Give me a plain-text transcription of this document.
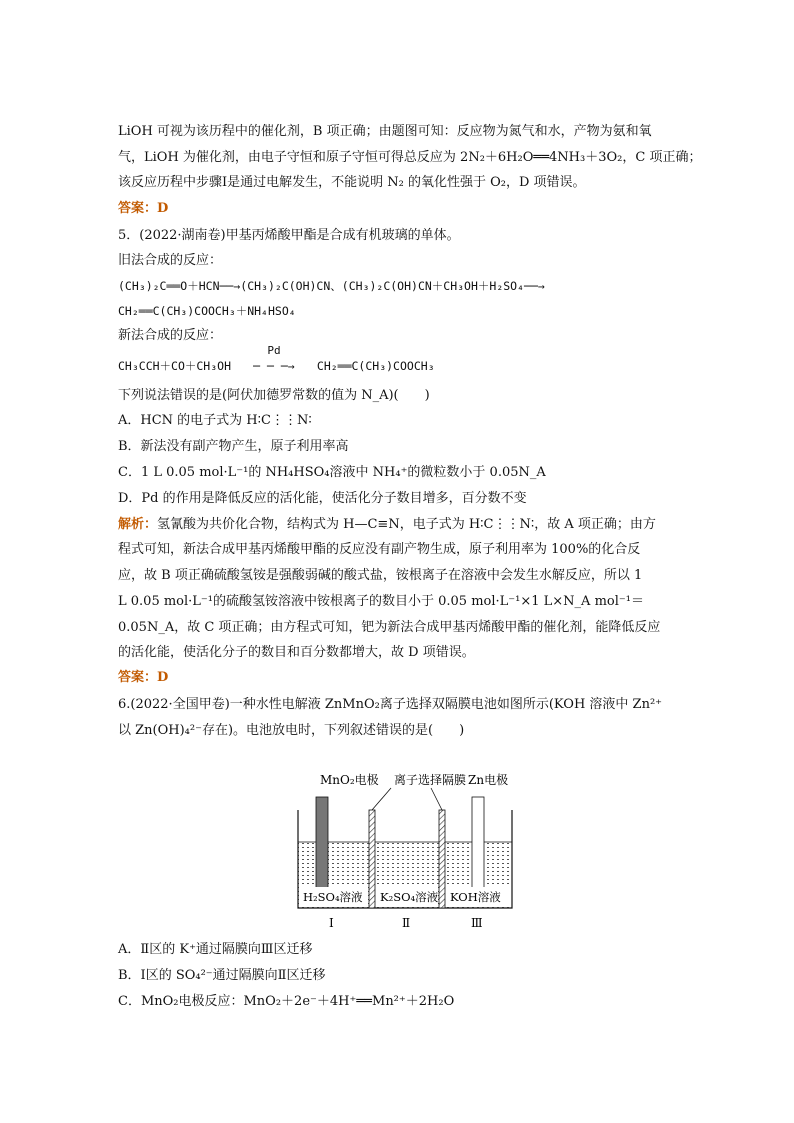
LiOH 可视为该历程中的催化剂，B 项正确；由题图可知：反应物为氮气和水，产物为氨和氧
气，LiOH 为催化剂，由电子守恒和原子守恒可得总反应为 2N₂＋6H₂O══4NH₃＋3O₂，C 项正确；
该反应历程中步骤Ⅰ是通过电解发生，不能说明 N₂ 的氧化性强于 O₂，D 项错误。
答案：D
5．(2022·湖南卷)甲基丙烯酸甲酯是合成有机玻璃的单体。
旧法合成的反应：
(CH₃)₂C══O＋HCN──→(CH₃)₂C(OH)CN、(CH₃)₂C(OH)CN＋CH₃OH＋H₂SO₄──→
CH₂══C(CH₃)COOCH₃＋NH₄HSO₄
新法合成的反应：
CH₃CCH＋CO＋CH₃OH
Pd
─ ─ ─→ CH₂══C(CH₃)COOCH₃
下列说法错误的是(阿伏加德罗常数的值为 N_A)(　　)
A．HCN 的电子式为 H∶C⋮⋮N∶
B．新法没有副产物产生，原子利用率高
C．1 L 0.05 mol·L⁻¹的 NH₄HSO₄溶液中 NH₄⁺的微粒数小于 0.05N_A
D．Pd 的作用是降低反应的活化能，使活化分子数目增多，百分数不变
解析：氢氰酸为共价化合物，结构式为 H—C≡N，电子式为 H∶C⋮⋮N∶，故 A 项正确；由方
程式可知，新法合成甲基丙烯酸甲酯的反应没有副产物生成，原子利用率为 100%的化合反
应，故 B 项正确硫酸氢铵是强酸弱碱的酸式盐，铵根离子在溶液中会发生水解反应，所以 1
L 0.05 mol·L⁻¹的硫酸氢铵溶液中铵根离子的数目小于 0.05 mol·L⁻¹×1 L×N_A mol⁻¹＝
0.05N_A，故 C 项正确；由方程式可知，钯为新法合成甲基丙烯酸甲酯的催化剂，能降低反应
的活化能，使活化分子的数目和百分数都增大，故 D 项错误。
答案：D
6.(2022·全国甲卷)一种水性电解液 ZnMnO₂离子选择双隔膜电池如图所示(KOH 溶液中 Zn²⁺
以 Zn(OH)₄²⁻存在)。电池放电时，下列叙述错误的是(　　)
MnO₂电极 离子选择隔膜 Zn电极
H₂SO₄溶液 K₂SO₄溶液 KOH溶液
Ⅰ	Ⅱ	Ⅲ
A．Ⅱ区的 K⁺通过隔膜向Ⅲ区迁移
B．Ⅰ区的 SO₄²⁻通过隔膜向Ⅱ区迁移
C．MnO₂电极反应：MnO₂＋2e⁻＋4H⁺══Mn²⁺＋2H₂O
